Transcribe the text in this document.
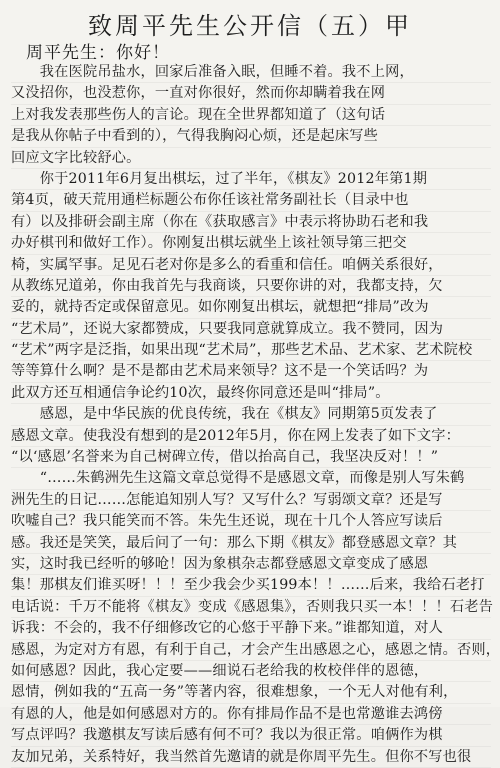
致周平先生公开信（五）甲
周平先生：你好！
　　我在医院吊盐水，回家后准备入眠，但睡不着。我不上网，
又没招你，也没惹你，一直对你很好，然而你却瞒着我在网
上对我发表那些伤人的言论。现在全世界都知道了（这句话
是我从你帖子中看到的），气得我胸闷心烦，还是起床写些
回应文字比较舒心。
　　你于2011年6月复出棋坛，过了半年，《棋友》2012年第1期
第4页，破天荒用通栏标题公布你任该社常务副社长（目录中也
有）以及排研会副主席（你在《获取感言》中表示将协助石老和我
办好棋刊和做好工作）。你刚复出棋坛就坐上该社领导第三把交
椅，实属罕事。足见石老对你是多么的看重和信任。咱俩关系很好，
从教练兄道弟，你由我首先与我商谈，只要你讲的对，我都支持，欠
妥的，就持否定或保留意见。如你刚复出棋坛，就想把“排局”改为
“艺术局”，还说大家都赞成，只要我同意就算成立。我不赞同，因为
“艺术”两字是泛指，如果出现“艺术局”，那些艺术品、艺术家、艺术院校
等等算什么啊？是不是都由艺术局来领导？这不是一个笑话吗？为
此双方还互相通信争论约10次，最终你同意还是叫“排局”。
　　感恩，是中华民族的优良传统，我在《棋友》同期第5页发表了
感恩文章。使我没有想到的是2012年5月，你在网上发表了如下文字：
“以‘感恩’名誉来为自己树碑立传，借以抬高自己，我坚决反对！！”
　　“……朱鹤洲先生这篇文章总觉得不是感恩文章，而像是别人写朱鹤
洲先生的日记……怎能追知别人写？又写什么？写弱颂文章？还是写
吹嘘自己？我只能笑而不答。朱先生还说，现在十几个人答应写读后
感。我还是笑笑，最后问了一句：那么下期《棋友》都登感恩文章？其
实，这时我已经听的够呛！因为象棋杂志都登感恩文章变成了感恩
集！那棋友们谁买呀！！！至少我会少买199本！！……后来，我给石老打
电话说：千万不能将《棋友》变成《感恩集》，否则我只买一本！！！石老告
诉我：不会的，我不仔细修改它的心悠于平静下来。”谁都知道，对人
感恩，为定对方有恩，有利于自己，才会产生出感恩之心，感恩之情。否则，
如何感恩？因此，我心定要——细说石老给我的枚校伴伴的恩德，
恩情，例如我的“五高一务”等著内容，很难想象，一个无人对他有利，
有恩的人，他是如何感恩对方的。你有排局作品不是也常邀谁去鸿傍
写点评吗？我邀棋友写读后感有何不可？我以为很正常。咱俩作为棋
友加兄弟，关系特好，我当然首先邀请的就是你周平先生。但你不写也很
